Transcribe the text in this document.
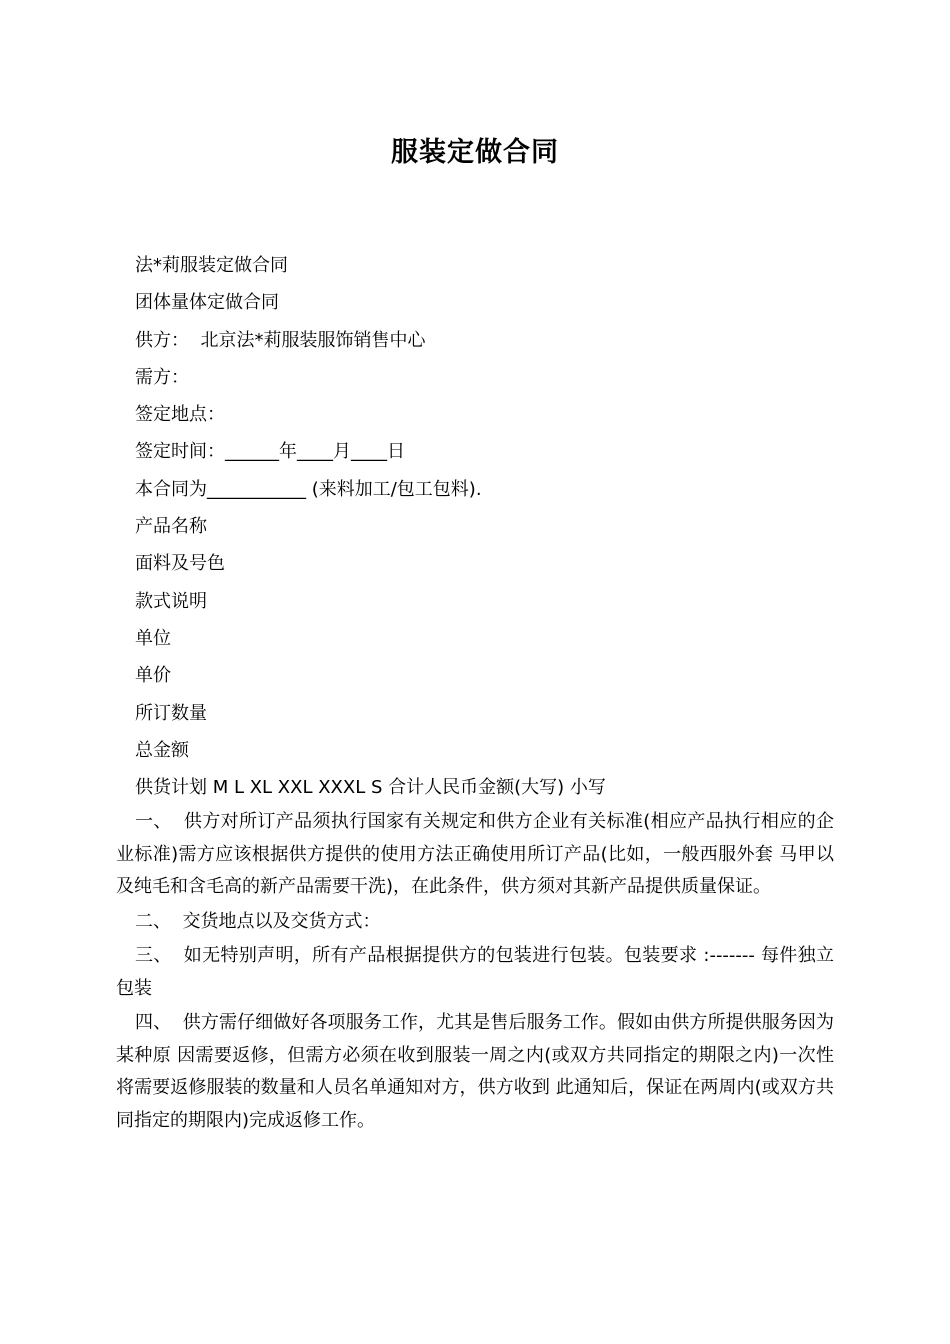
服装定做合同
法*莉服装定做合同
团体量体定做合同
供方：  北京法*莉服装服饰销售中心
需方：
签定地点：
签定时间：______年____月____日
本合同为___________ (来料加工/包工包料).
产品名称
面料及号色
款式说明
单位
单价
所订数量
总金额
供货计划 M L XL XXL XXXL S 合计人民币金额(大写) 小写
一、  供方对所订产品须执行国家有关规定和供方企业有关标准(相应产品执行相应的企业标准)需方应该根据供方提供的使用方法正确使用所订产品(比如，一般西服外套 马甲以及纯毛和含毛高的新产品需要干洗)，在此条件，供方须对其新产品提供质量保证。
二、  交货地点以及交货方式：
三、  如无特别声明，所有产品根据提供方的包装进行包装。包装要求 :------- 每件独立包装
四、  供方需仔细做好各项服务工作，尤其是售后服务工作。假如由供方所提供服务因为某种原 因需要返修，但需方必须在收到服装一周之内(或双方共同指定的期限之内)一次性将需要返修服装的数量和人员名单通知对方，供方收到 此通知后，保证在两周内(或双方共同指定的期限内)完成返修工作。
